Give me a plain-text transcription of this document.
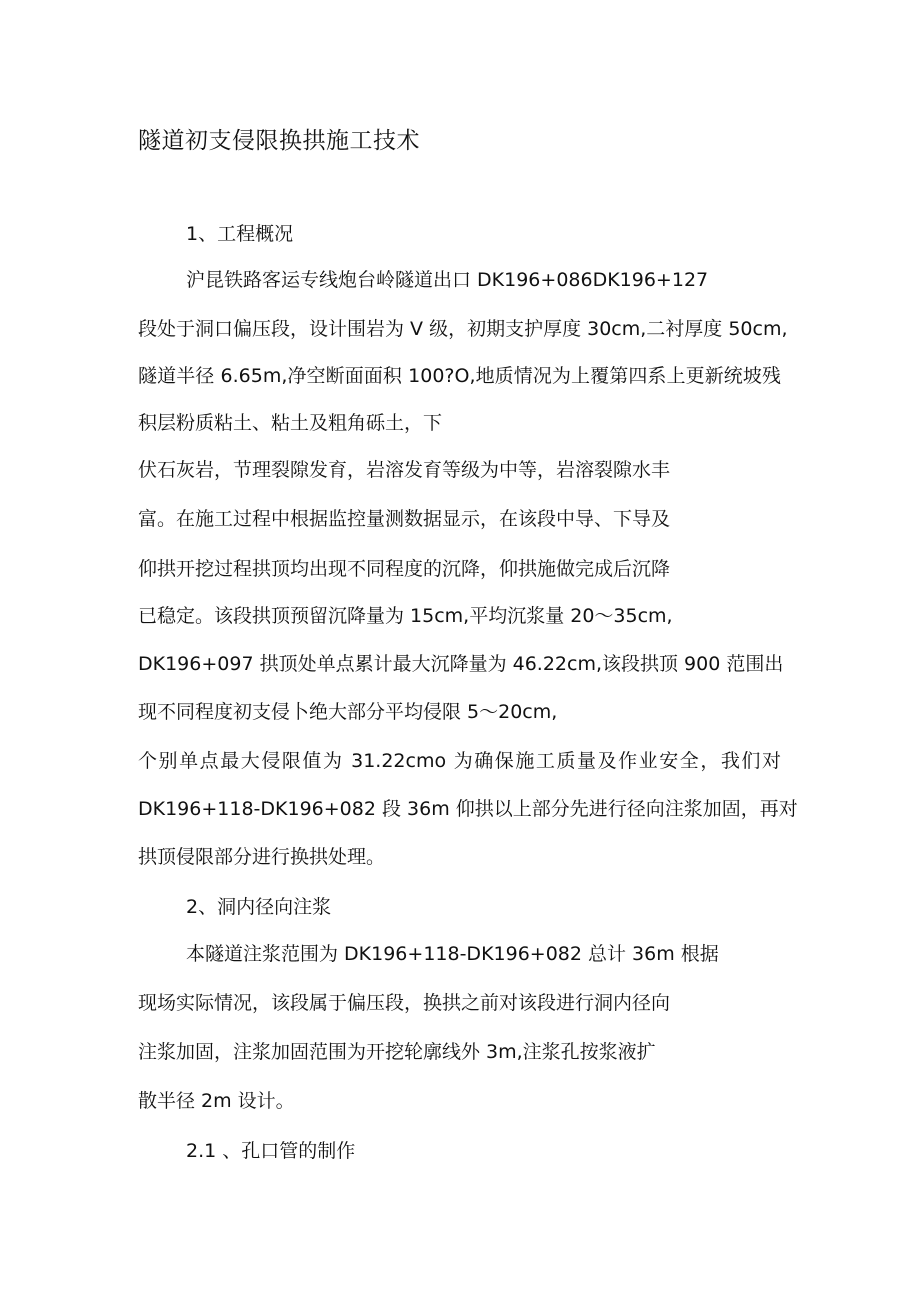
隧道初支侵限换拱施工技术

1、工程概况

沪昆铁路客运专线炮台岭隧道出口 DK196+086DK196+127

段处于洞口偏压段，设计围岩为 V 级，初期支护厚度 30cm,二衬厚度 50cm,

隧道半径 6.65m,净空断面面积 100?O,地质情况为上覆第四系上更新统坡残

积层粉质粘土、粘土及粗角砾土，下

伏石灰岩，节理裂隙发育，岩溶发育等级为中等，岩溶裂隙水丰

富。在施工过程中根据监控量测数据显示，在该段中导、下导及

仰拱开挖过程拱顶均出现不同程度的沉降，仰拱施做完成后沉降

已稳定。该段拱顶预留沉降量为 15cm,平均沉浆量 20～35cm,

DK196+097 拱顶处单点累计最大沉降量为 46.22cm,该段拱顶 900 范围出

现不同程度初支侵卜绝大部分平均侵限 5～20cm,

个别单点最大侵限值为 31.22cmo 为确保施工质量及作业安全，我们对

DK196+118-DK196+082 段 36m 仰拱以上部分先进行径向注浆加固，再对

拱顶侵限部分进行换拱处理。

2、洞内径向注浆

本隧道注浆范围为 DK196+118-DK196+082 总计 36m 根据

现场实际情况，该段属于偏压段，换拱之前对该段进行洞内径向

注浆加固，注浆加固范围为开挖轮廓线外 3m,注浆孔按浆液扩

散半径 2m 设计。

2.1 、孔口管的制作
